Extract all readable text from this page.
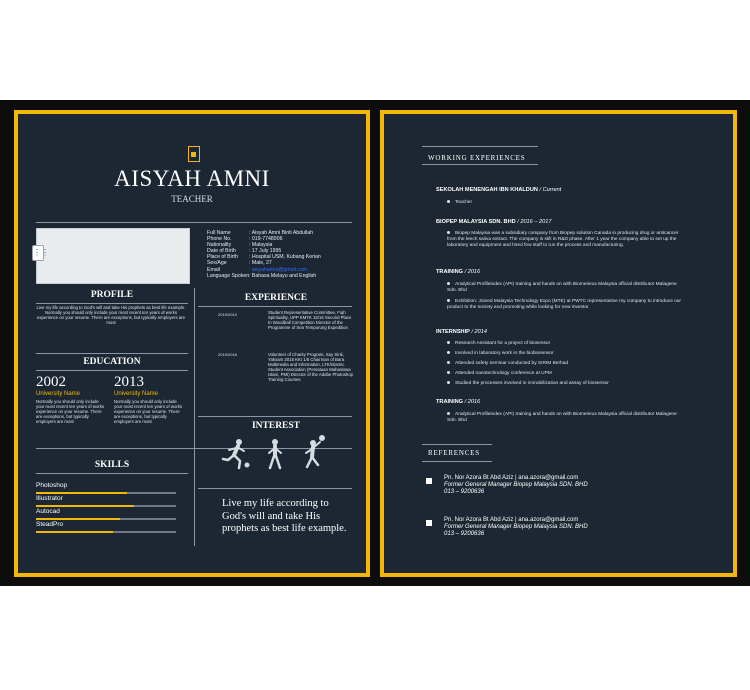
AISYAH AMNI
TEACHER
⋮⋮
Full Name	: Aisyah Amni Binti Abdullah
Phone No.	: 019-7748906
Nationality	: Malaysia
Date of Birth	: 17 July 1995
Place of Birth	: Hospital USM, Kubang Kerian
Sex/Age	: Male, 27
Email	: aisyahamni@gmail.com
Language Spoken : Bahasa Melayu and English
PROFILE
Live my life according to God's will and take His prophets as best life example. Normally you should only include your most recent ten years of works experience on your resume. There are exceptions, but typically employers are most
EDUCATION
2002
University Name
Normally you should only include your most recent ten years of works experience on your resume. There are exceptions, but typically employers are most
2013
University Name
Normally you should only include your most recent ten years of works experience on your resume. There are exceptions, but typically employers are most
SKILLS
Photoshop
Illustrator
Autocad
SteadPro
EXPERIENCE
2019/2014	Student Representative Committee, Fiqh Spirituality, UPP KMTK 15/16 Second Place In Woodball Competition Director of the Programme of Sea Tempurung Expedition
2019/2016	Volunteer of Charity Program, Say Sink, Yaksam 2015 KKI 1/5 Chairman of Bara Multimedia and Information, LTK/Islamic Student Association (Persatuan Mahasiswa Islam, PMI) Director of the Adobe Photoshop Training Courses
INTEREST
Live my life according to God's will and take His prophets as best life example.
WORKING EXPERIENCES
SEKOLAH MENENGAH IBN KHALDUN / Current
Teacher
BIOPEP MALAYSIA SDN. BHD / 2016 – 2017
Biopep Malaysia was a subsidiary company from Biopep solution Canada in producing drug or anticancer from the leech saliva extract. The company is still in R&D phase. After 1 year the company able to set up the laboratory and equipment and hired few staff to run the process and manufacturing.
TRAINING / 2016
Analytical Profileindex (API) training and hands on with Biomerieux Malaysia official distributor Malagene Sdn. Bhd
Exhibition: Joined Malaysia Technology Expo (MTE) at PWTC representative my company to introduce our product to the society and promoting while looking for new investor
INTERNSHIP / 2014
Research Assistant for a project of biosensor
Involved in laboratory work in the biobiosensor
Attended safety seminar conducted by SIRIM Berhad
Attended nanotechnology conference at UPM
Studied the processes involved in immobilization and assay of biosensor
TRAINING / 2016
Analytical Profileindex (API) training and hands on with Biomerieux Malaysia official distributor Malagene Sdn. Bhd
REFERENCES
Pn. Nor Azora Bt Abd Aziz | ana.azora@gmail.com
Former General Manager Biopep Malaysia SDN. BHD
013 – 9200636
Pn. Nor Azora Bt Abd Aziz | ana.azora@gmail.com
Former General Manager Biopep Malaysia SDN. BHD
013 – 9200636
